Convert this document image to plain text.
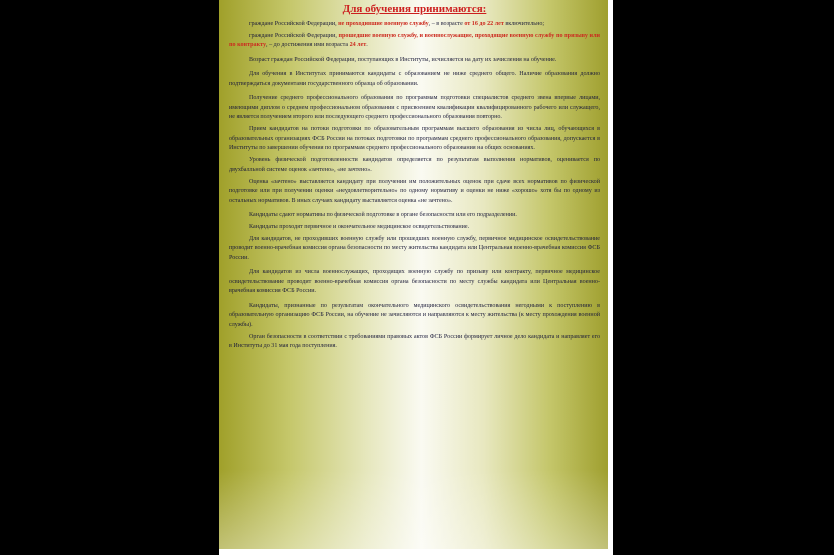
Для обучения принимаются:

граждане Российской Федерации, не проходившие военную службу, – в возрасте от 16 до 22 лет включительно;

граждане Российской Федерации, прошедшие военную службу, и военнослужащие, проходящие военную службу по призыву или по контракту, – до достижения ими возраста 24 лет.

Возраст граждан Российской Федерации, поступающих в Институты, исчисляется на дату их зачисления на обучение.

Для обучения в Институтах принимаются кандидаты с образованием не ниже среднего общего. Наличие образования должно подтверждаться документами государственного образца об образовании.

Получение среднего профессионального образования по программам подготовки специалистов среднего звена впервые лицами, имеющими диплом о среднем профессиональном образовании с присвоением квалификации квалифицированного рабочего или служащего, не является получением второго или последующего среднего профессионального образования повторно.

Прием кандидатов на потоки подготовки по образовательным программам высшего образования из числа лиц, обучающихся в образовательных организациях ФСБ России на потоках подготовки по программам среднего профессионального образования, допускается в Институты по завершении обучения по программам среднего профессионального образования на общих основаниях.

Уровень физической подготовленности кандидатов определяется по результатам выполнения нормативов, оценивается по двухбалльной системе оценок «зачтено», «не зачтено».

Оценка «зачтено» выставляется кандидату при получении им положительных оценок при сдаче всех нормативов по физической подготовке или при получении оценки «неудовлетворительно» по одному нормативу и оценки не ниже «хорошо» хотя бы по одному из остальных нормативов. В иных случаях кандидату выставляется оценка «не зачтено».

Кандидаты сдают нормативы по физической подготовке в органе безопасности или его подразделении.

Кандидаты проходят первичное и окончательное медицинское освидетельствование.

Для кандидатов, не проходивших военную службу или прошедших военную службу, первичное медицинское освидетельствование проводит военно-врачебная комиссия органа безопасности по месту жительства кандидата или Центральная военно-врачебная комиссия ФСБ России.

Для кандидатов из числа военнослужащих, проходящих военную службу по призыву или контракту, первичное медицинское освидетельствование проводит военно-врачебная комиссия органа безопасности по месту службы кандидата или Центральная военно-врачебная комиссия ФСБ России.

Кандидаты, признанные по результатам окончательного медицинского освидетельствования негодными к поступлению в образовательную организацию ФСБ России, на обучение не зачисляются и направляются к месту жительства (к месту прохождения военной службы).

Орган безопасности в соответствии с требованиями правовых актов ФСБ России формирует личное дело кандидата и направляет его в Институты до 31 мая года поступления.
